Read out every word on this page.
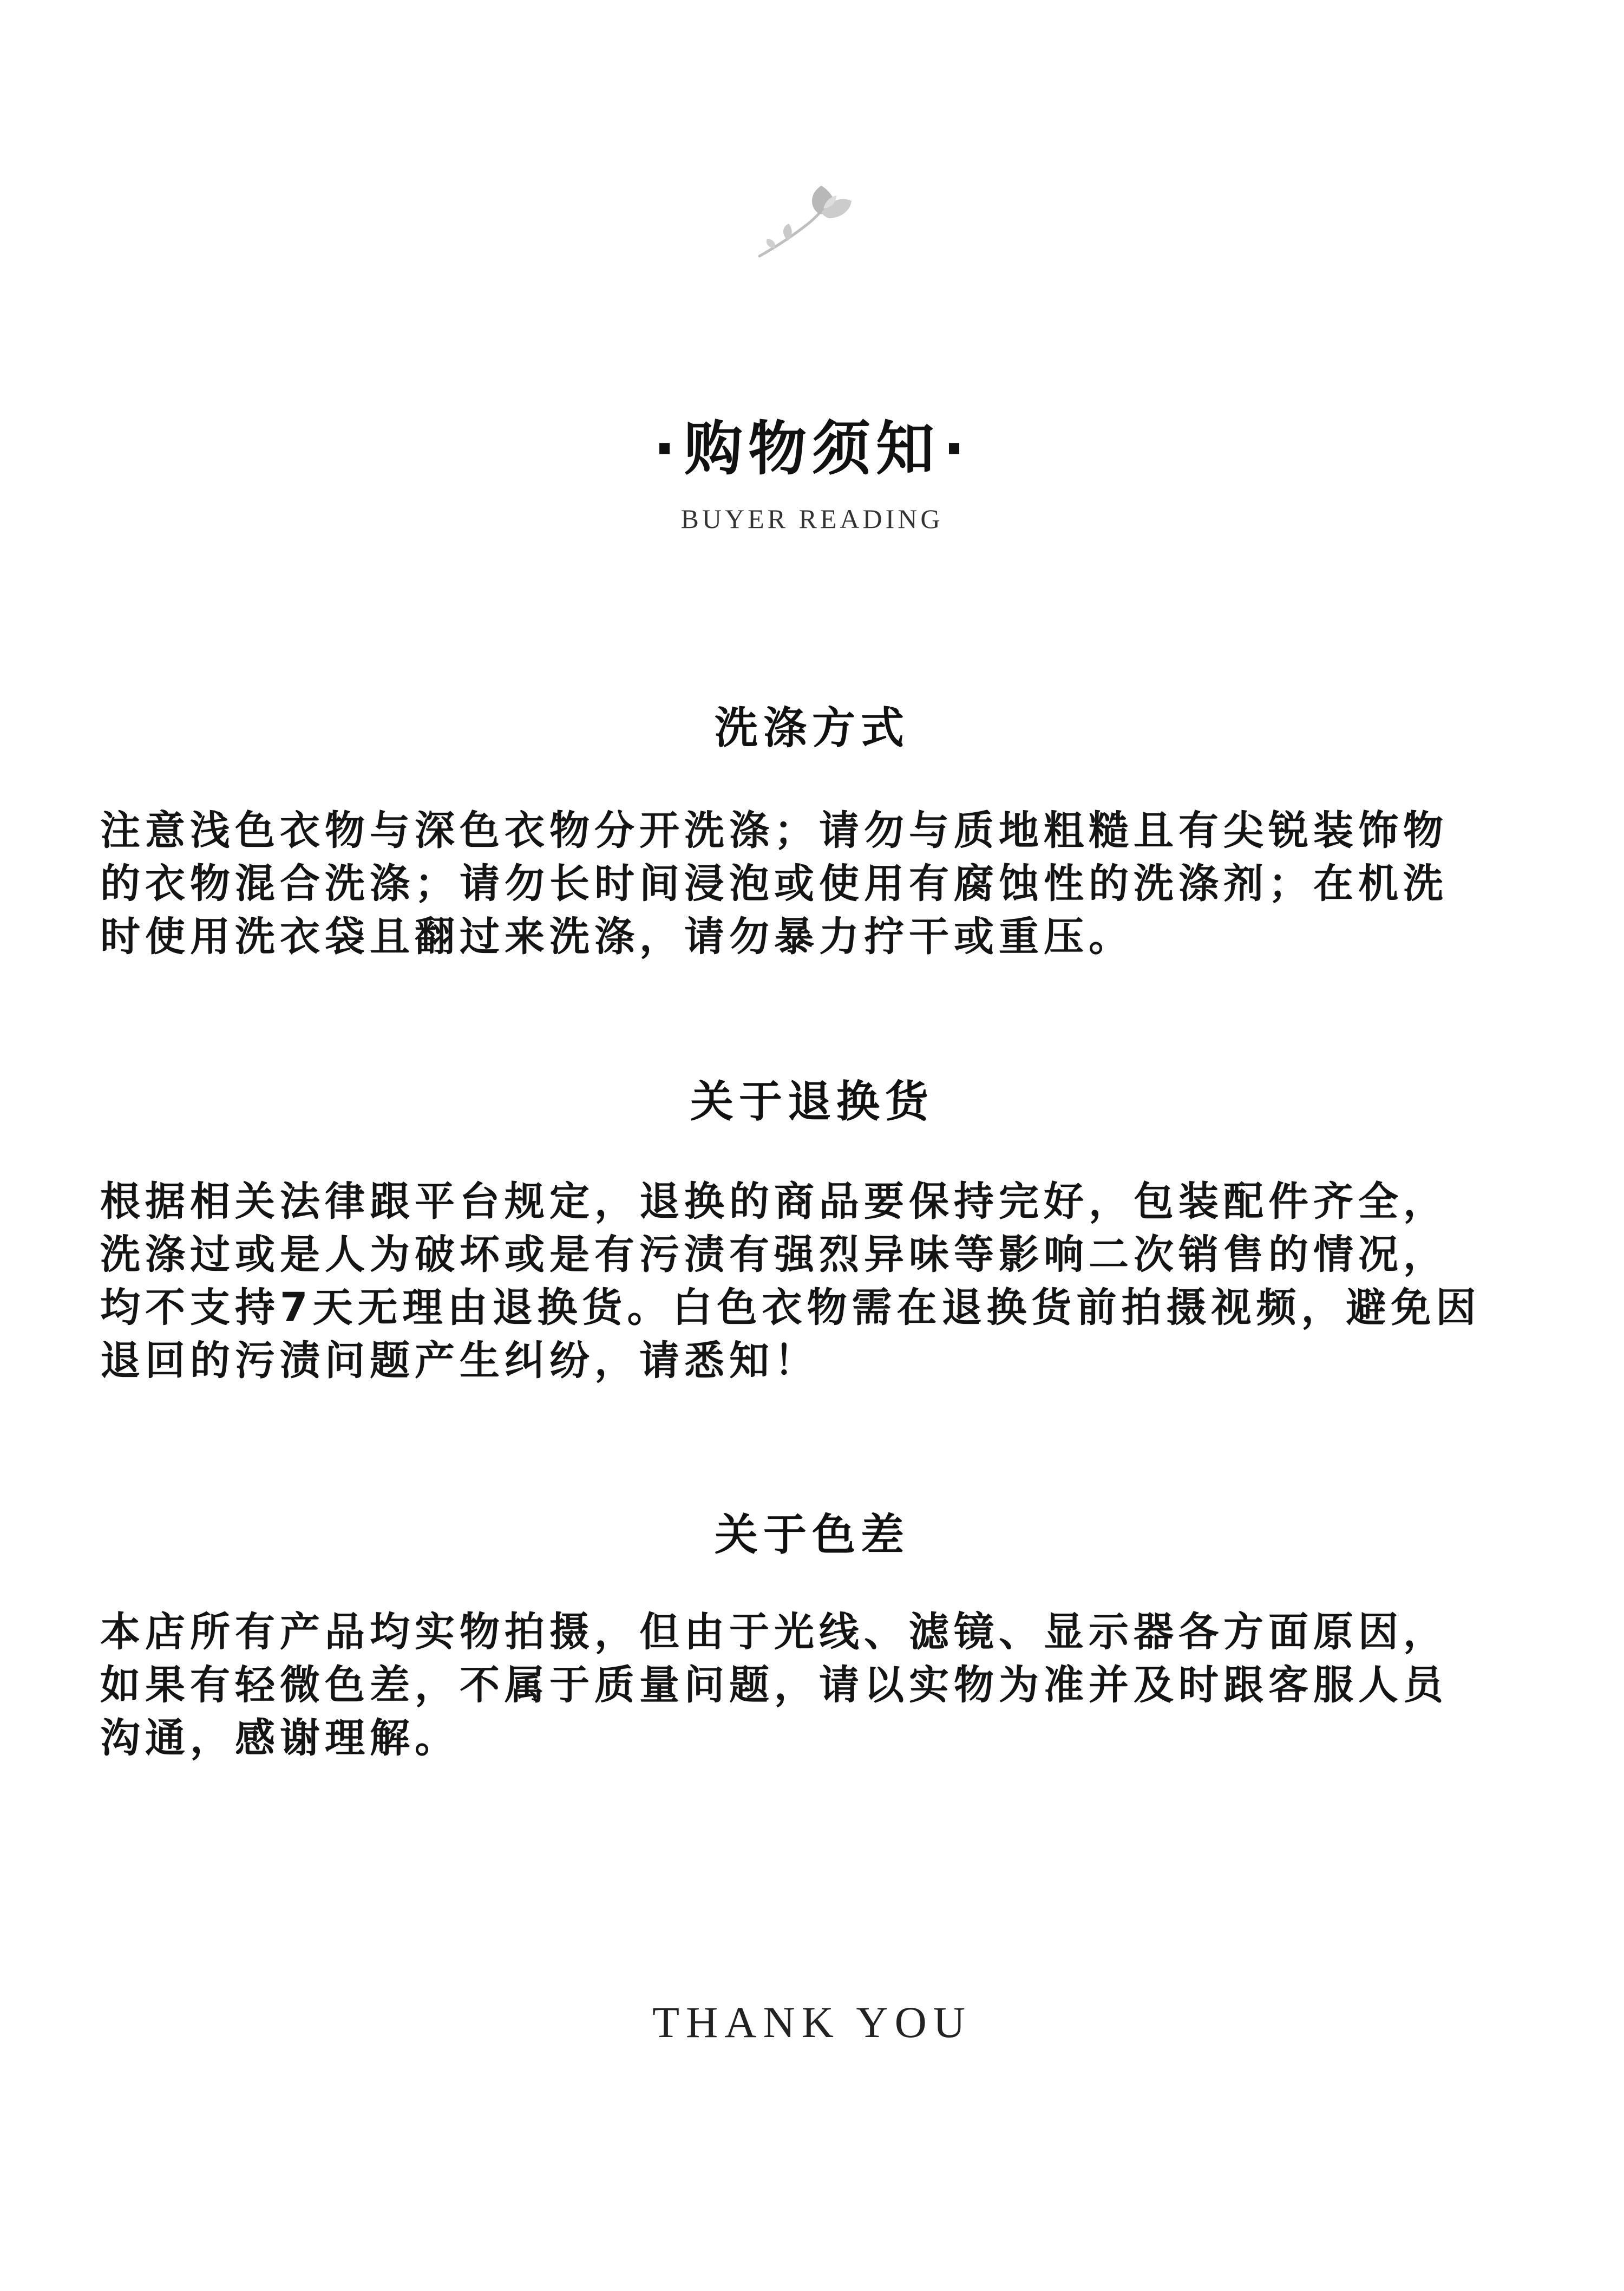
·购物须知·
BUYER READING
洗涤方式
注意浅色衣物与深色衣物分开洗涤；请勿与质地粗糙且有尖锐装饰物
的衣物混合洗涤；请勿长时间浸泡或使用有腐蚀性的洗涤剂；在机洗
时使用洗衣袋且翻过来洗涤，请勿暴力拧干或重压。
关于退换货
根据相关法律跟平台规定，退换的商品要保持完好，包装配件齐全，
洗涤过或是人为破坏或是有污渍有强烈异味等影响二次销售的情况，
均不支持7天无理由退换货。白色衣物需在退换货前拍摄视频，避免因
退回的污渍问题产生纠纷，请悉知！
关于色差
本店所有产品均实物拍摄，但由于光线、滤镜、显示器各方面原因，
如果有轻微色差，不属于质量问题，请以实物为准并及时跟客服人员
沟通，感谢理解。
THANK YOU
